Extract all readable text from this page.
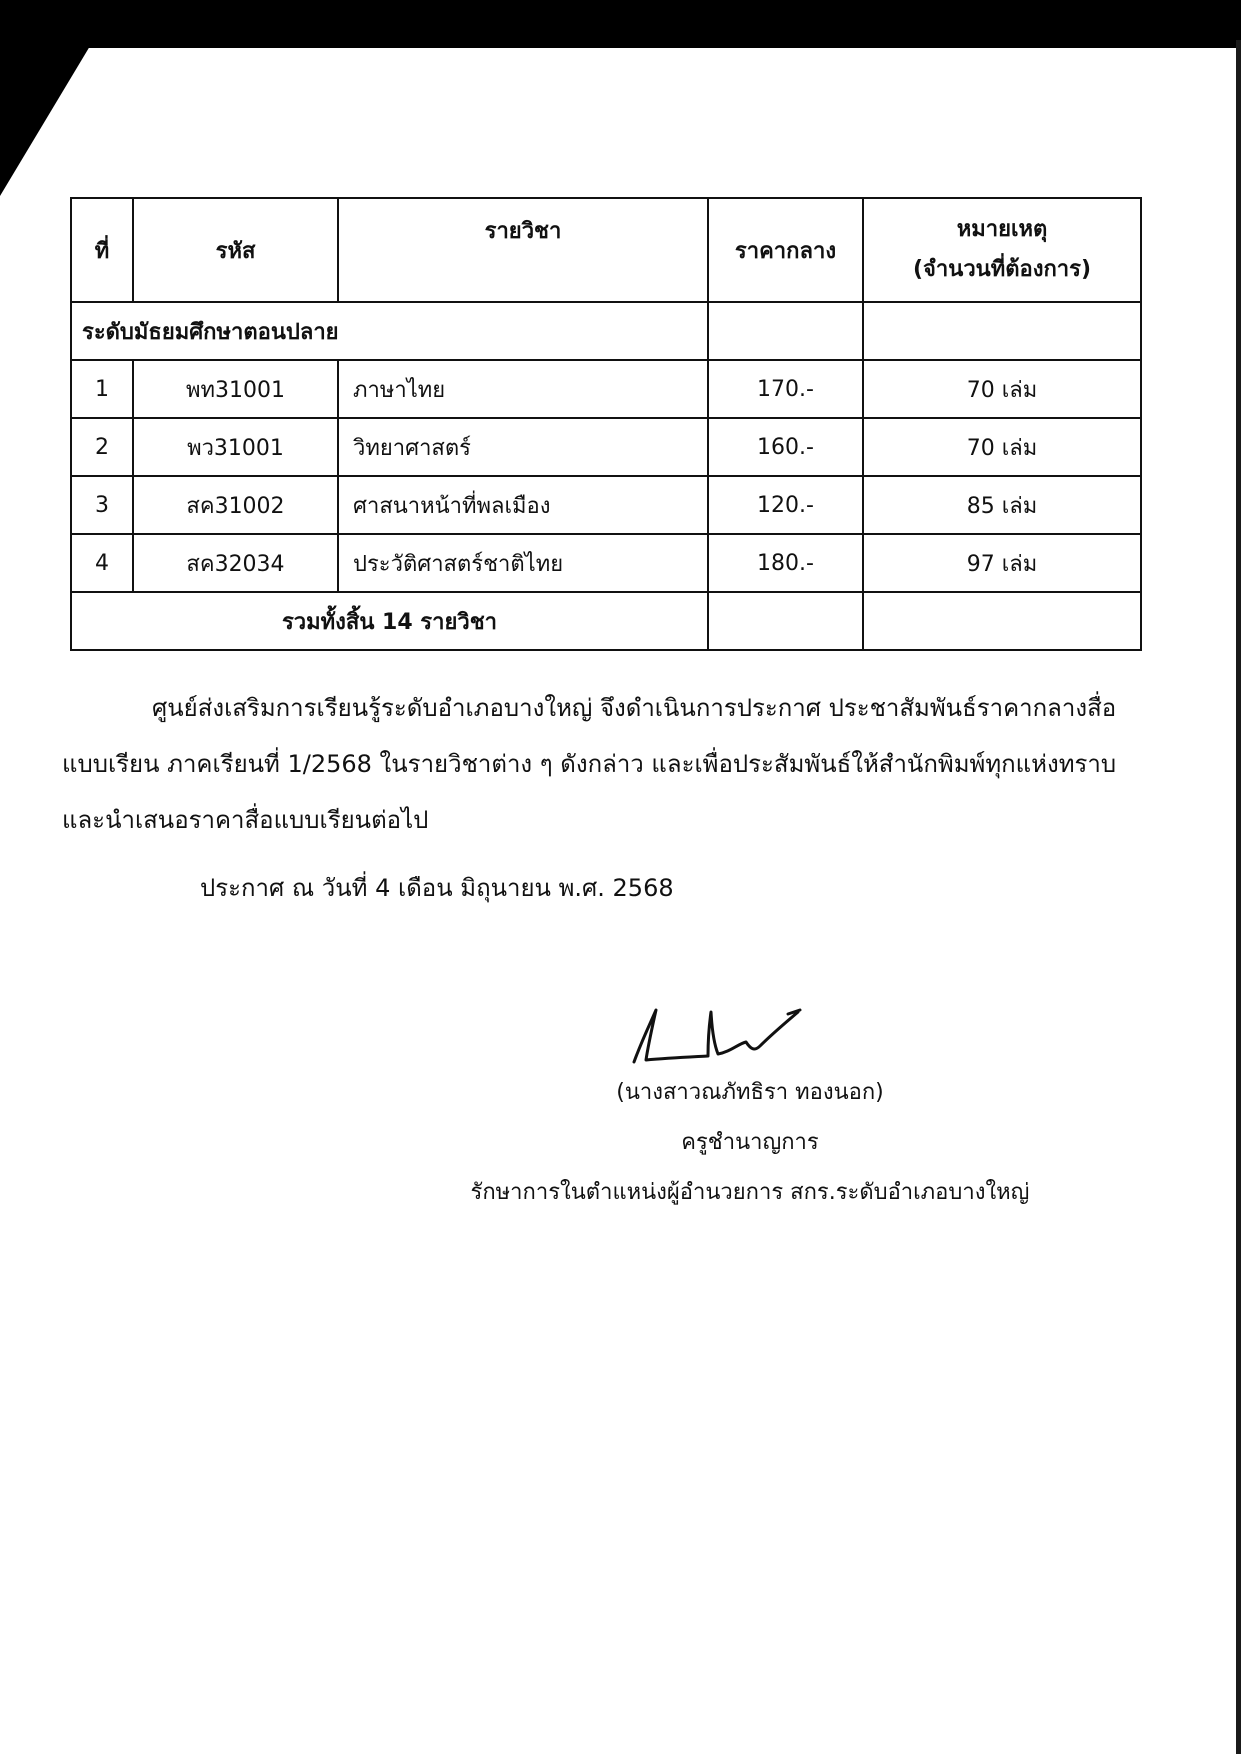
ที่	รหัส	รายวิชา	ราคากลาง	หมายเหตุ
(จำนวนที่ต้องการ)

ระดับมัธยมศึกษาตอนปลาย				
1	พท31001	ภาษาไทย	170.-	70 เล่ม
2	พว31001	วิทยาศาสตร์	160.-	70 เล่ม
3	สค31002	ศาสนาหน้าที่พลเมือง	120.-	85 เล่ม
4	สค32034	ประวัติศาสตร์ชาติไทย	180.-	97 เล่ม
รวมทั้งสิ้น 14 รายวิชา				

ศูนย์ส่งเสริมการเรียนรู้ระดับอำเภอบางใหญ่ จึงดำเนินการประกาศ ประชาสัมพันธ์ราคากลางสื่อแบบเรียน ภาคเรียนที่ 1/2568 ในรายวิชาต่าง ๆ ดังกล่าว และเพื่อประสัมพันธ์ให้สำนักพิมพ์ทุกแห่งทราบและนำเสนอราคาสื่อแบบเรียนต่อไป

ประกาศ ณ วันที่ 4 เดือน มิถุนายน พ.ศ. 2568
(นางสาวณภัทธิรา ทองนอก)
ครูชำนาญการ
รักษาการในตำแหน่งผู้อำนวยการ สกร.ระดับอำเภอบางใหญ่
